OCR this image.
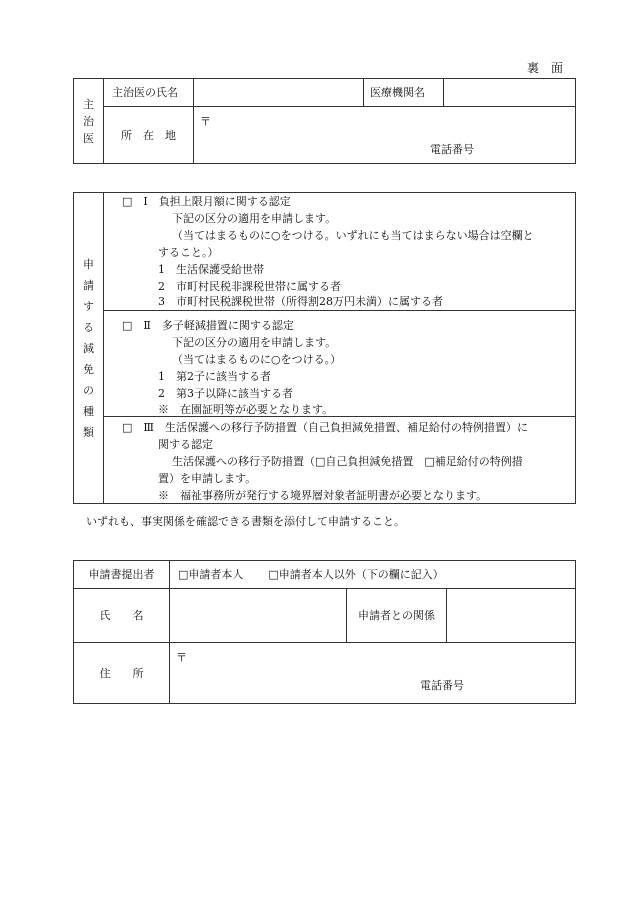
裏　面
主
治
医	主治医の氏名		医療機関名	
	所　在　地	〒
電話番号		
申
請
す
る
減
免
の
種
類

□　Ⅰ　負担上限月額に関する認定
下記の区分の適用を申請します。
（当てはまるものに○をつける。いずれにも当てはまらない場合は空欄と
すること。）
1　生活保護受給世帯
2　市町村民税非課税世帯に属する者
3　市町村民税課税世帯（所得割28万円未満）に属する者

□　Ⅱ　多子軽減措置に関する認定
下記の区分の適用を申請します。
（当てはまるものに○をつける。）
1　第2子に該当する者
2　第3子以降に該当する者
※　在園証明等が必要となります。

□　Ⅲ　生活保護への移行予防措置（自己負担減免措置、補足給付の特例措置）に
関する認定
生活保護への移行予防措置（□自己負担減免措置　□補足給付の特例措
置）を申請します。
※　福祉事務所が発行する境界層対象者証明書が必要となります。
いずれも、事実関係を確認できる書類を添付して申請すること。
申請書提出者	□申請者本人 □申請者本人以外（下の欄に記入）		
氏　　名		申請者との関係	
住　　所	〒
電話番号		
